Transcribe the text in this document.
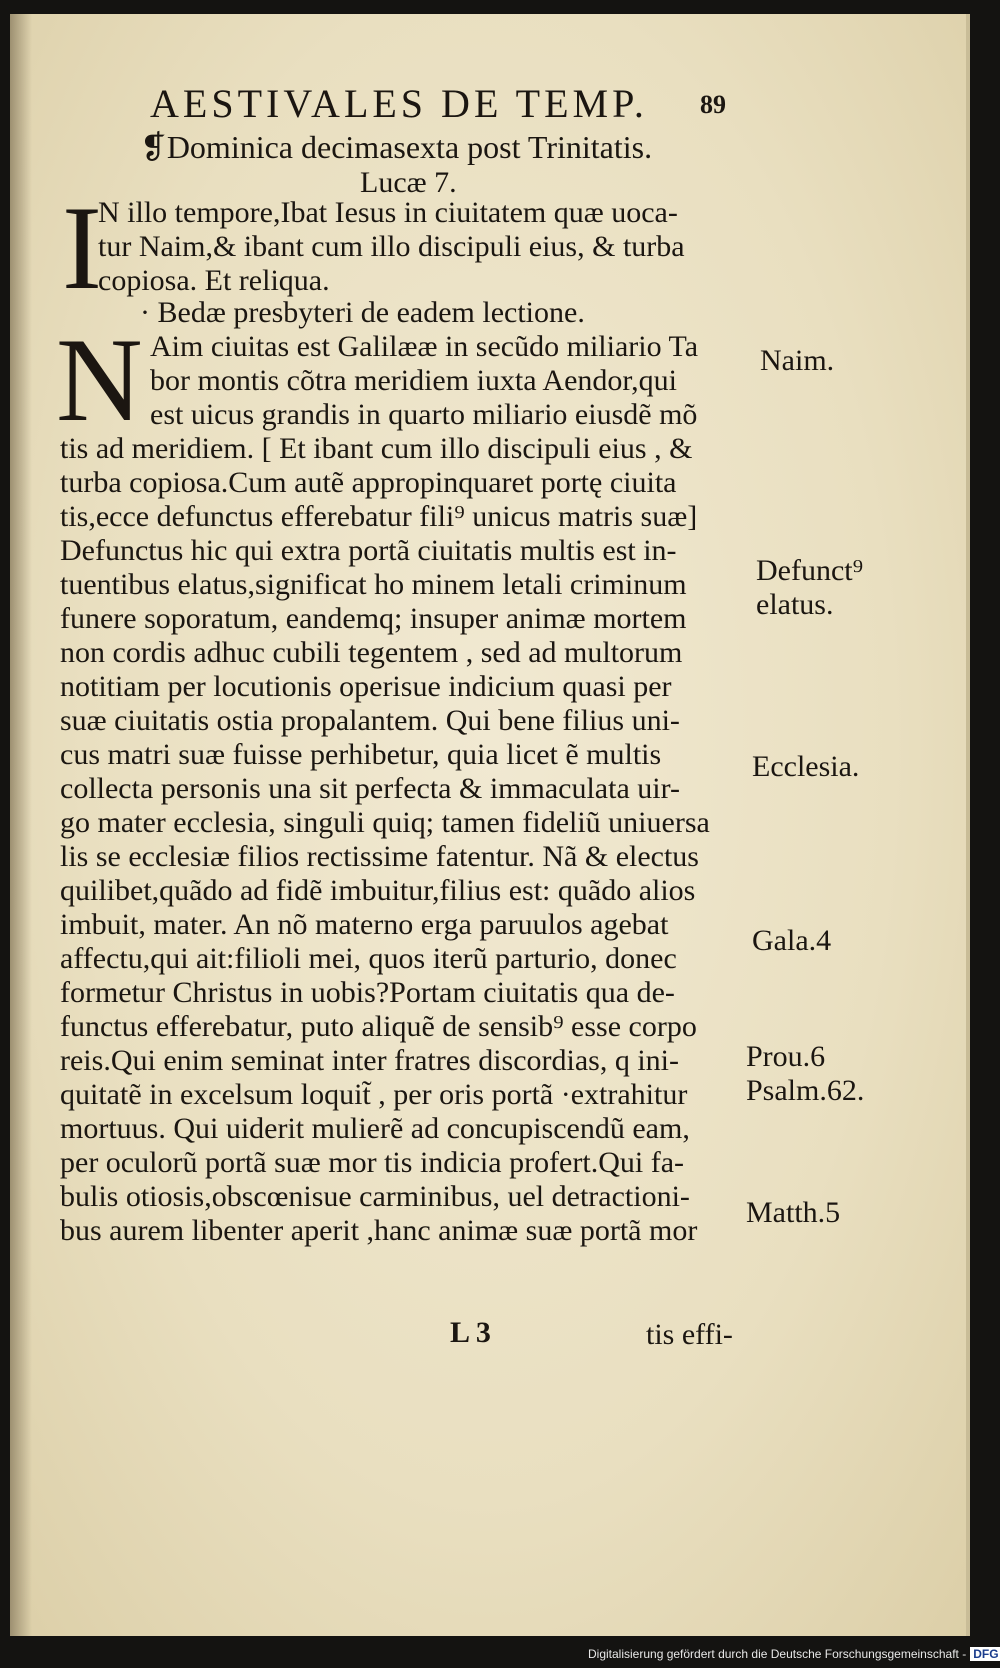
AESTIVALES DE TEMP. 89
❡Dominica decimasexta post Trinitatis.
Lucæ 7.
I
N illo tempore,Ibat Iesus in ciuitatem quæ uoca-
tur Naim,& ibant cum illo discipuli eius, & turba
copiosa. Et reliqua.
· Bedæ presbyteri de eadem lectione.
N Aim ciuitas est Galilææ in secũdo miliario Ta
bor montis cõtra meridiem iuxta Aendor,qui
est uicus grandis in quarto miliario eiusdẽ mõ
tis ad meridiem. [ Et ibant cum illo discipuli eius , &
turba copiosa.Cum autẽ appropinquaret portę ciuita
tis,ecce defunctus efferebatur fili⁹ unicus matris suæ]
Defunctus hic qui extra portã ciuitatis multis est in-
tuentibus elatus,significat ho minem letali criminum
funere soporatum, eandemq; insuper animæ mortem
non cordis adhuc cubili tegentem , sed ad multorum
notitiam per locutionis operisue indicium quasi per
suæ ciuitatis ostia propalantem. Qui bene filius uni-
cus matri suæ fuisse perhibetur, quia licet ẽ multis
collecta personis una sit perfecta & immaculata uir-
go mater ecclesia, singuli quiq; tamen fideliũ uniuersa
lis se ecclesiæ filios rectissime fatentur. Nã & electus
quilibet,quãdo ad fidẽ imbuitur,filius est: quãdo alios
imbuit, mater. An nõ materno erga paruulos agebat
affectu,qui ait:filioli mei, quos iterũ parturio, donec
formetur Christus in uobis?Portam ciuitatis qua de-
functus efferebatur, puto aliquẽ de sensib⁹ esse corpo
reis.Qui enim seminat inter fratres discordias, q ini-
quitatẽ in excelsum loquit̃ , per oris portã ·extrahitur
mortuus. Qui uiderit mulierẽ ad concupiscendũ eam,
per oculorũ portã suæ mor tis indicia profert.Qui fa-
bulis otiosis,obscœnisue carminibus, uel detractioni-
bus aurem libenter aperit ,hanc animæ suæ portã mor
Naim.
Defunct⁹
elatus.
Ecclesia.
Gala.4
Prou.6
Psalm.62.
Matth.5
L 3	tis effi-
Digitalisierung gefördert durch die Deutsche Forschungsgemeinschaft - DFG
